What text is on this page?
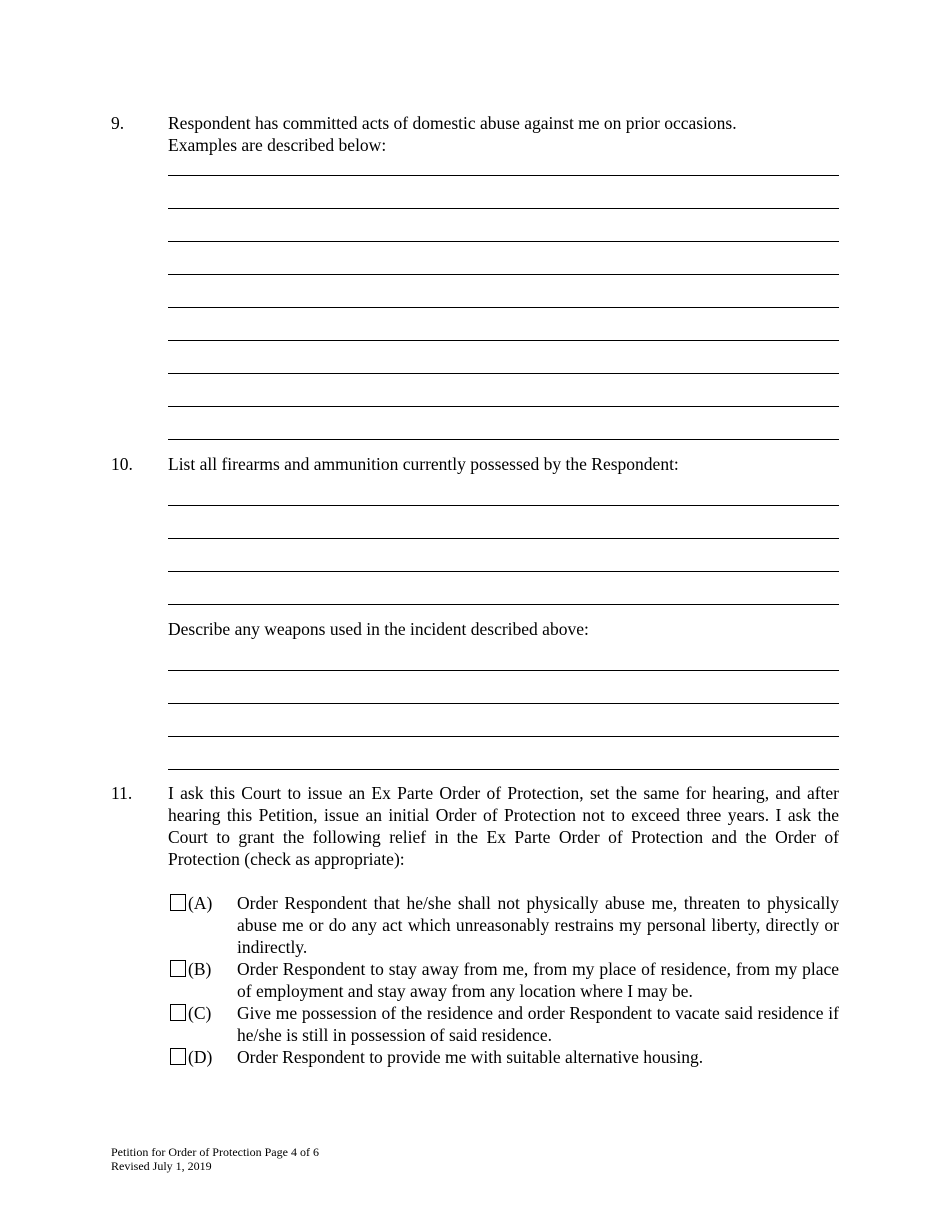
9.	Respondent has committed acts of domestic abuse against me on prior occasions.
Examples are described below:
10. List all firearms and ammunition currently possessed by the Respondent:
Describe any weapons used in the incident described above:
11. I ask this Court to issue an Ex Parte Order of Protection, set the same for hearing, and after hearing this Petition, issue an initial Order of Protection not to exceed three years. I ask the Court to grant the following relief in the Ex Parte Order of Protection and the Order of Protection (check as appropriate):
(A) Order Respondent that he/she shall not physically abuse me, threaten to physically abuse me or do any act which unreasonably restrains my personal liberty, directly or indirectly.
(B) Order Respondent to stay away from me, from my place of residence, from my place of employment and stay away from any location where I may be.
(C) Give me possession of the residence and order Respondent to vacate said residence if he/she is still in possession of said residence.
(D) Order Respondent to provide me with suitable alternative housing.
Petition for Order of Protection Page 4 of 6
Revised July 1, 2019
